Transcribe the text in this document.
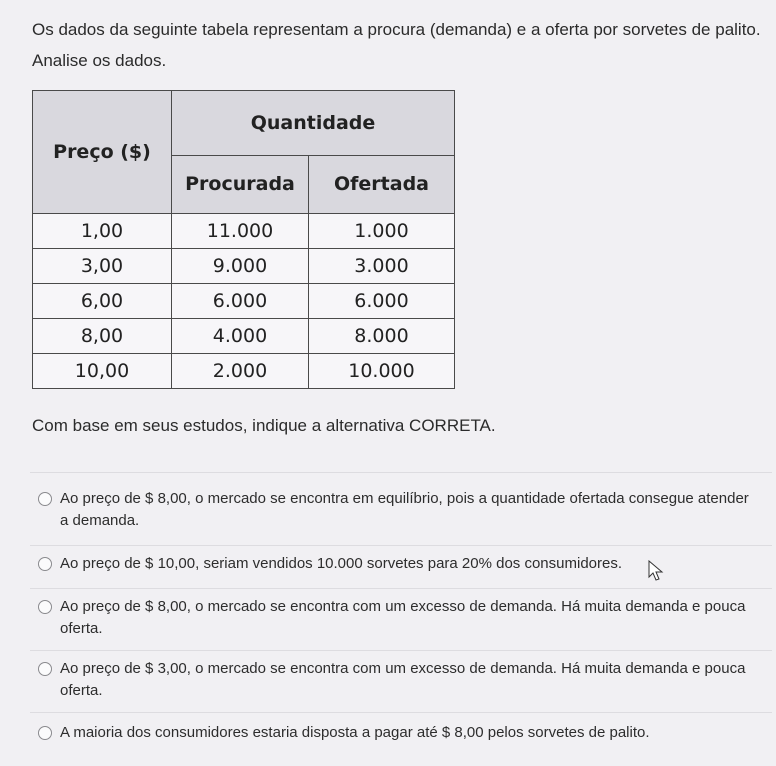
Os dados da seguinte tabela representam a procura (demanda) e a oferta por sorvetes de palito. Analise os dados.
Preço ($)	Quantidade	
	Procurada	Ofertada
1,00	11.000	1.000
3,00	9.000	3.000
6,00	6.000	6.000
8,00	4.000	8.000
10,00	2.000	10.000
Com base em seus estudos, indique a alternativa CORRETA.
Ao preço de $ 8,00, o mercado se encontra em equilíbrio, pois a quantidade ofertada consegue atender a demanda.
Ao preço de $ 10,00, seriam vendidos 10.000 sorvetes para 20% dos consumidores.
Ao preço de $ 8,00, o mercado se encontra com um excesso de demanda. Há muita demanda e pouca oferta.
Ao preço de $ 3,00, o mercado se encontra com um excesso de demanda. Há muita demanda e pouca oferta.
A maioria dos consumidores estaria disposta a pagar até $ 8,00 pelos sorvetes de palito.
